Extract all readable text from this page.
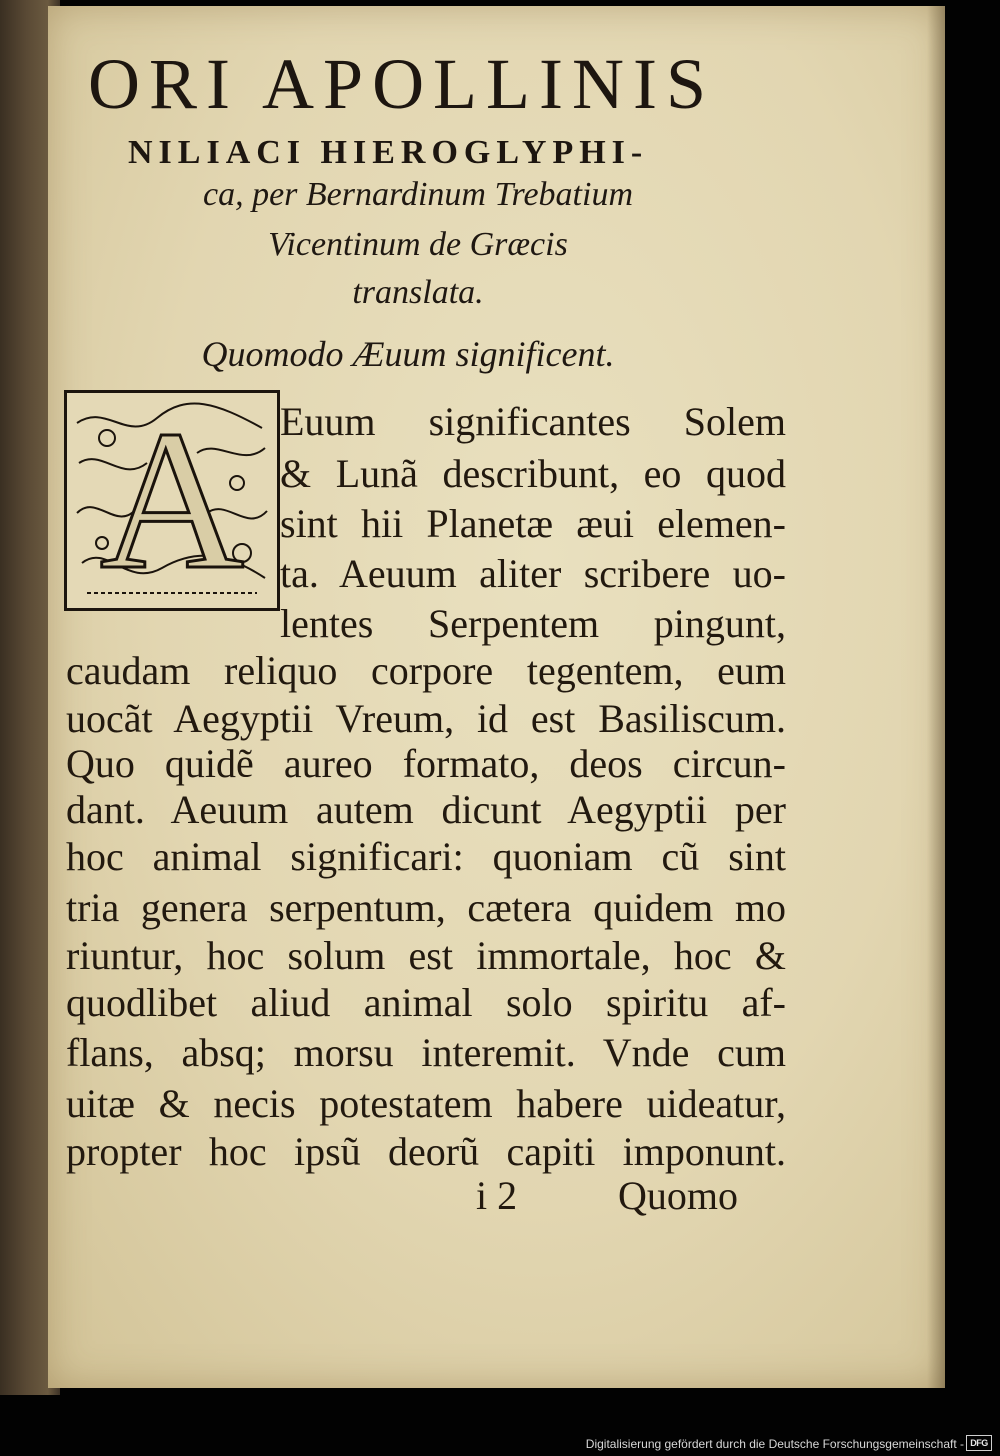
ORI APOLLINIS
NILIACI HIEROGLYPHI-
ca, per Bernardinum Trebatium
Vicentinum de Græcis
translata.
Quomodo Æuum significent.
A Euum significantes Solem
& Lunã describunt, eo quod
sint hii Planetæ æui elemen-
ta. Aeuum aliter scribere uo-
lentes Serpentem pingunt,
caudam reliquo corpore tegentem, eum
uocãt Aegyptii Vreum, id est Basiliscum.
Quo quidẽ aureo formato, deos circun-
dant. Aeuum autem dicunt Aegyptii per
hoc animal significari: quoniam cũ sint
tria genera serpentum, cætera quidem mo
riuntur, hoc solum est immortale, hoc &
quodlibet aliud animal solo spiritu af-
flans, absq; morsu interemit. Vnde cum
uitæ & necis potestatem habere uideatur,
propter hoc ipsũ deorũ capiti imponunt.
i 2	Quomo
Digitalisierung gefördert durch die Deutsche Forschungsgemeinschaft - DFG
